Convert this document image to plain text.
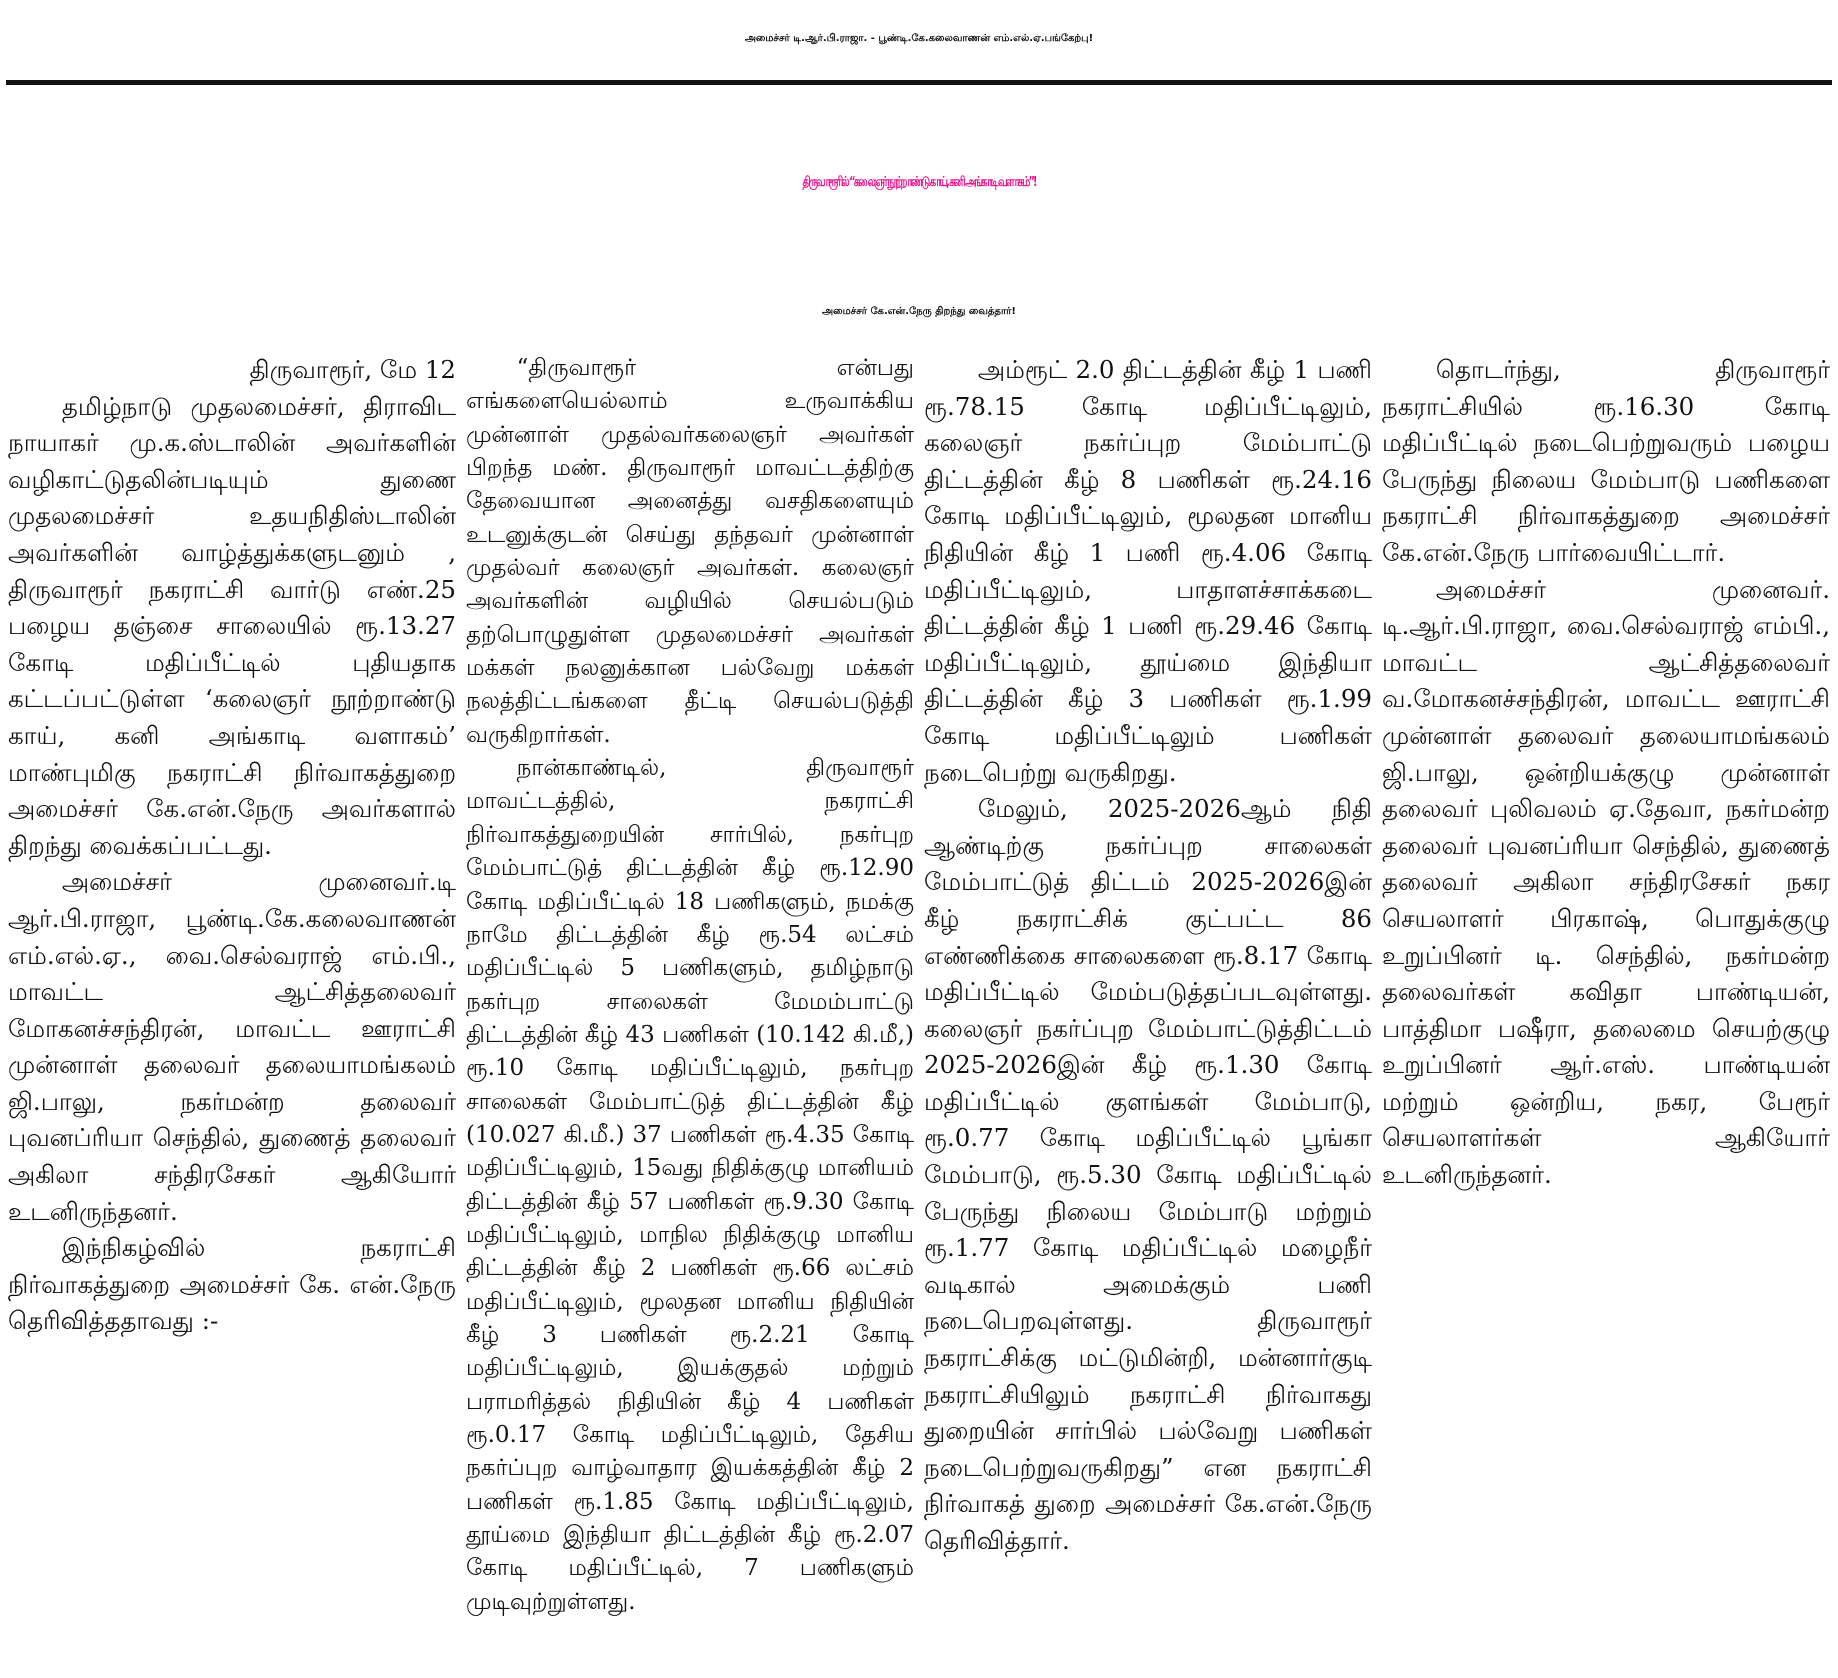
அமைச்சர் டி.ஆர்.பி.ராஜா. - பூண்டி.கே.கலைவாணன் எம்.எல்.ஏ.பங்கேற்பு!
திருவாரூரில் “கலைஞர் நூற்றாண்டு காய், கனி அங்காடி வளாகம்”!
அமைச்சர் கே.என்.நேரு திறந்து வைத்தார்!

திருவாரூர், மே 12

தமிழ்நாடு முதலமைச்சர், திராவிட நாயாகர் மு.க.ஸ்டாலின் அவர்களின் வழிகாட்டுதலின்படியும் துணை முதலமைச்சர் உதயநிதிஸ்டாலின் அவர்களின் வாழ்த்துக்களுடனும் , திருவாரூர் நகராட்சி வார்டு எண்.25 பழைய தஞ்சை சாலையில் ரூ.13.27 கோடி மதிப்பீட்டில் புதியதாக கட்டப்பட்டுள்ள ‘கலைஞர் நூற்றாண்டு காய், கனி அங்காடி வளாகம்’ மாண்புமிகு நகராட்சி நிர்வாகத்துறை அமைச்சர் கே.என்.நேரு அவர்களால் திறந்து வைக்கப்பட்டது.

அமைச்சர் முனைவர்.டி ஆர்.பி.ராஜா, பூண்டி.கே.கலைவாணன் எம்.எல்.ஏ., வை.செல்வராஜ் எம்.பி., மாவட்ட ஆட்சித்தலைவர் மோகனச்சந்திரன், மாவட்ட ஊராட்சி முன்னாள் தலைவர் தலையாமங்கலம் ஜி.பாலு, நகர்மன்ற தலைவர் புவனப்ரியா செந்தில், துணைத் தலைவர் அகிலா சந்திரசேகர் ஆகியோர் உடனிருந்தனர்.

இந்நிகழ்வில் நகராட்சி நிர்வாகத்துறை அமைச்சர் கே. என்.நேரு தெரிவித்ததாவது :-

“திருவாரூர் என்பது எங்களையெல்லாம் உருவாக்கிய முன்னாள் முதல்வர்கலைஞர் அவர்கள் பிறந்த மண். திருவாரூர் மாவட்டத்திற்கு தேவையான அனைத்து வசதிகளையும் உடனுக்குடன் செய்து தந்தவர் முன்னாள் முதல்வர் கலைஞர் அவர்கள். கலைஞர் அவர்களின் வழியில் செயல்படும் தற்பொழுதுள்ள முதலமைச்சர் அவர்கள் மக்கள் நலனுக்கான பல்வேறு மக்கள் நலத்திட்டங்களை தீட்டி செயல்படுத்தி வருகிறார்கள்.

நான்காண்டில், திருவாரூர் மாவட்டத்தில், நகராட்சி நிர்வாகத்துறையின் சார்பில், நகர்புற மேம்பாட்டுத் திட்டத்தின் கீழ் ரூ.12.90 கோடி மதிப்பீட்டில் 18 பணிகளும், நமக்கு நாமே திட்டத்தின் கீழ் ரூ.54 லட்சம் மதிப்பீட்டில் 5 பணிகளும், தமிழ்நாடு நகர்புற சாலைகள் மேமம்பாட்டு திட்டத்தின் கீழ் 43 பணிகள் (10.142 கி.மீ,) ரூ.10 கோடி மதிப்பீட்டிலும், நகர்புற சாலைகள் மேம்பாட்டுத் திட்டத்தின் கீழ் (10.027 கி.மீ.) 37 பணிகள் ரூ.4.35 கோடி மதிப்பீட்டிலும், 15வது நிதிக்குழு மானியம் திட்டத்தின் கீழ் 57 பணிகள் ரூ.9.30 கோடி மதிப்பீட்டிலும், மாநில நிதிக்குழு மானிய திட்டத்தின் கீழ் 2 பணிகள் ரூ.66 லட்சம் மதிப்பீட்டிலும், மூலதன மானிய நிதியின் கீழ் 3 பணிகள் ரூ.2.21 கோடி மதிப்பீட்டிலும், இயக்குதல் மற்றும் பராமரித்தல் நிதியின் கீழ் 4 பணிகள் ரூ.0.17 கோடி மதிப்பீட்டிலும், தேசிய நகர்ப்புற வாழ்வாதார இயக்கத்தின் கீழ் 2 பணிகள் ரூ.1.85 கோடி மதிப்பீட்டிலும், தூய்மை இந்தியா திட்டத்தின் கீழ் ரூ.2.07 கோடி மதிப்பீட்டில், 7 பணிகளும் முடிவுற்றுள்ளது.

அம்ரூட் 2.0 திட்டத்தின் கீழ் 1 பணி ரூ.78.15 கோடி மதிப்பீட்டிலும், கலைஞர் நகர்ப்புற மேம்பாட்டு திட்டத்தின் கீழ் 8 பணிகள் ரூ.24.16 கோடி மதிப்பீட்டிலும், மூலதன மானிய நிதியின் கீழ் 1 பணி ரூ.4.06 கோடி மதிப்பீட்டிலும், பாதாளச்சாக்கடை திட்டத்தின் கீழ் 1 பணி ரூ.29.46 கோடி மதிப்பீட்டிலும், தூய்மை இந்தியா திட்டத்தின் கீழ் 3 பணிகள் ரூ.1.99 கோடி மதிப்பீட்டிலும் பணிகள் நடைபெற்று வருகிறது.

மேலும், 2025-2026ஆம் நிதி ஆண்டிற்கு நகர்ப்புற சாலைகள் மேம்பாட்டுத் திட்டம் 2025-2026இன் கீழ் நகராட்சிக் குட்பட்ட 86 எண்ணிக்கை சாலைகளை ரூ.8.17 கோடி மதிப்பீட்டில் மேம்படுத்தப்படவுள்ளது. கலைஞர் நகர்ப்புற மேம்பாட்டுத்திட்டம் 2025-2026இன் கீழ் ரூ.1.30 கோடி மதிப்பீட்டில் குளங்கள் மேம்பாடு, ரூ.0.77 கோடி மதிப்பீட்டில் பூங்கா மேம்பாடு, ரூ.5.30 கோடி மதிப்பீட்டில் பேருந்து நிலைய மேம்பாடு மற்றும் ரூ.1.77 கோடி மதிப்பீட்டில் மழைநீர் வடிகால் அமைக்கும் பணி நடைபெறவுள்ளது. திருவாரூர் நகராட்சிக்கு மட்டுமின்றி, மன்னார்குடி நகராட்சியிலும் நகராட்சி நிர்வாகது துறையின் சார்பில் பல்வேறு பணிகள் நடைபெற்றுவருகிறது” என நகராட்சி நிர்வாகத் துறை அமைச்சர் கே.என்.நேரு தெரிவித்தார்.

தொடர்ந்து, திருவாரூர் நகராட்சியில் ரூ.16.30 கோடி மதிப்பீட்டில் நடைபெற்றுவரும் பழைய பேருந்து நிலைய மேம்பாடு பணிகளை நகராட்சி நிர்வாகத்துறை அமைச்சர் கே.என்.நேரு பார்வையிட்டார்.

அமைச்சர் முனைவர். டி.ஆர்.பி.ராஜா, வை.செல்வராஜ் எம்பி., மாவட்ட ஆட்சித்தலைவர் வ.மோகனச்சந்திரன், மாவட்ட ஊராட்சி முன்னாள் தலைவர் தலையாமங்கலம் ஜி.பாலு, ஒன்றியக்குழு முன்னாள் தலைவர் புலிவலம் ஏ.தேவா, நகர்மன்ற தலைவர் புவனப்ரியா செந்தில், துணைத் தலைவர் அகிலா சந்திரசேகர் நகர செயலாளர் பிரகாஷ், பொதுக்குழு உறுப்பினர் டி. செந்தில், நகர்மன்ற தலைவர்கள் கவிதா பாண்டியன், பாத்திமா பஷீரா, தலைமை செயற்குழு உறுப்பினர் ஆர்.எஸ். பாண்டியன் மற்றும் ஒன்றிய, நகர, பேரூர் செயலாளர்கள் ஆகியோர் உடனிருந்தனர்.
